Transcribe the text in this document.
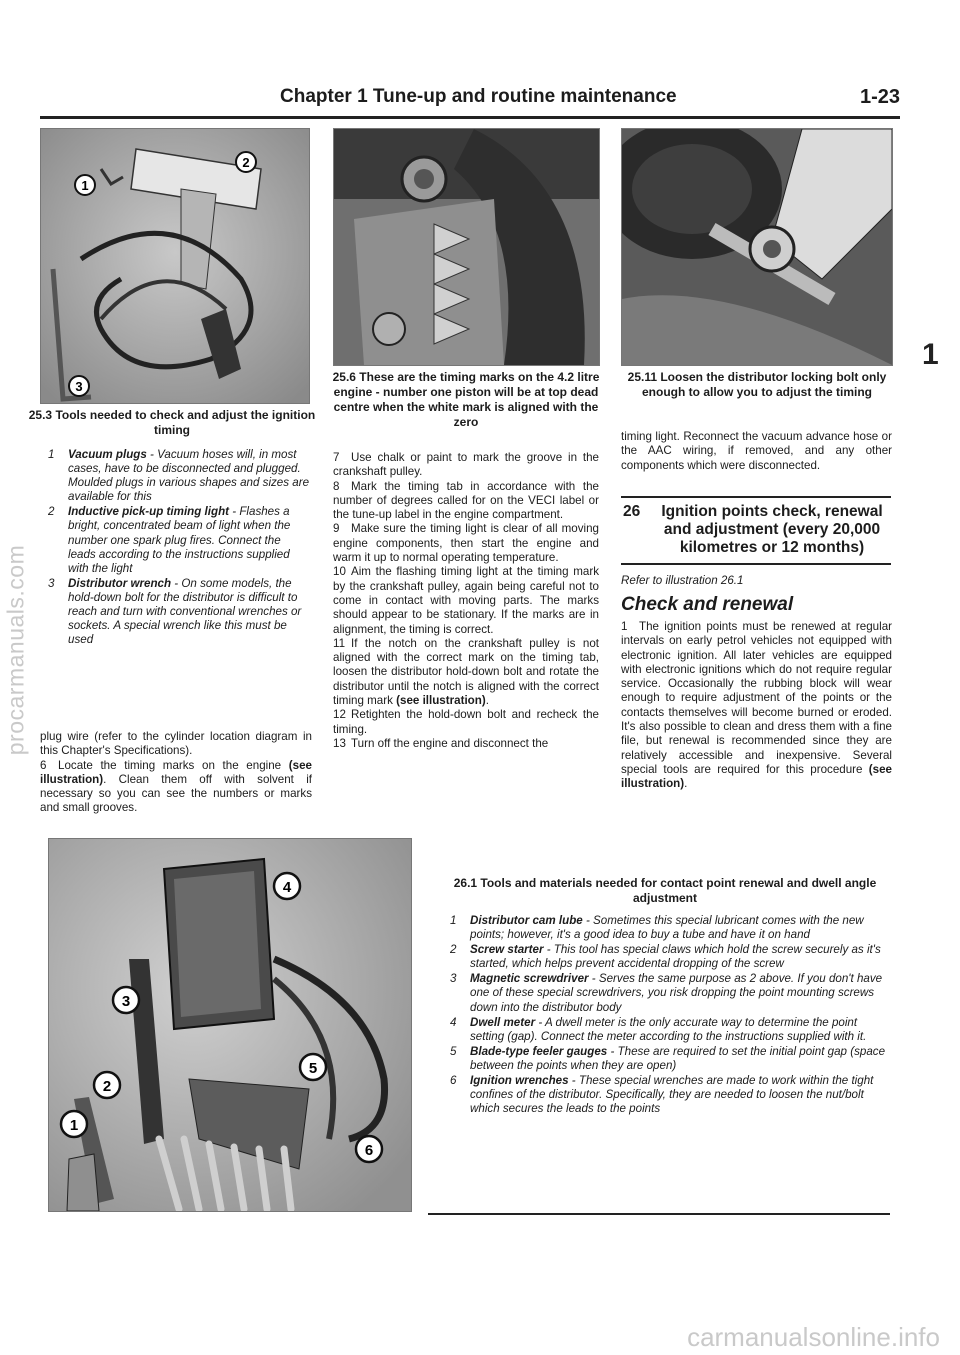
Chapter 1 Tune-up and routine maintenance	1-23
procarmanuals.com
1
1
2
3
25.3 Tools needed to check and adjust the ignition timing
1 Vacuum plugs - Vacuum hoses will, in most cases, have to be disconnected and plugged. Moulded plugs in various shapes and sizes are available for this
2 Inductive pick-up timing light - Flashes a bright, concentrated beam of light when the number one spark plug fires. Connect the leads according to the instructions supplied with the light
3 Distributor wrench - On some models, the hold-down bolt for the distributor is difficult to reach and turn with conventional wrenches or sockets. A special wrench like this must be used

plug wire (refer to the cylinder location diagram in this Chapter's Specifications).

6 Locate the timing marks on the engine (see illustration). Clean them off with solvent if necessary so you can see the numbers or marks and small grooves.

25.6 These are the timing marks on the 4.2 litre engine - number one piston will be at top dead centre when the white mark is aligned with the zero

7 Use chalk or paint to mark the groove in the crankshaft pulley.

8 Mark the timing tab in accordance with the number of degrees called for on the VECI label or the tune-up label in the engine compartment.

9 Make sure the timing light is clear of all moving engine components, then start the engine and warm it up to normal operating temperature.

10 Aim the flashing timing light at the timing mark by the crankshaft pulley, again being careful not to come in contact with moving parts. The marks should appear to be stationary. If the marks are in alignment, the timing is correct.

11 If the notch on the crankshaft pulley is not aligned with the correct mark on the timing tab, loosen the distributor hold-down bolt and rotate the distributor until the notch is aligned with the correct timing mark (see illustration).

12 Retighten the hold-down bolt and recheck the timing.

13 Turn off the engine and disconnect the

25.11 Loosen the distributor locking bolt only enough to allow you to adjust the timing
timing light. Reconnect the vacuum advance hose or the AAC wiring, if removed, and any other components which were disconnected.
26	Ignition points check, renewal and adjustment (every 20,000 kilometres or 12 months)
Refer to illustration 26.1
Check and renewal

1 The ignition points must be renewed at regular intervals on early petrol vehicles not equipped with electronic ignition. All later vehicles are equipped with electronic ignitions which do not require regular service. Occasionally the rubbing block will wear enough to require adjustment of the points or the contacts themselves will become burned or eroded. It's also possible to clean and dress them with a fine file, but renewal is recommended since they are relatively accessible and inexpensive. Several special tools are required for this procedure (see illustration).

4
3
5
2
1
6
26.1 Tools and materials needed for contact point renewal and dwell angle adjustment
1 Distributor cam lube - Sometimes this special lubricant comes with the new points; however, it's a good idea to buy a tube and have it on hand
2 Screw starter - This tool has special claws which hold the screw securely as it's started, which helps prevent accidental dropping of the screw
3 Magnetic screwdriver - Serves the same purpose as 2 above. If you don't have one of these special screwdrivers, you risk dropping the point mounting screws down into the distributor body
4 Dwell meter - A dwell meter is the only accurate way to determine the point setting (gap). Connect the meter according to the instructions supplied with it.
5 Blade-type feeler gauges - These are required to set the initial point gap (space between the points when they are open)
6 Ignition wrenches - These special wrenches are made to work within the tight confines of the distributor. Specifically, they are needed to loosen the nut/bolt which secures the leads to the points
carmanualsonline.info
